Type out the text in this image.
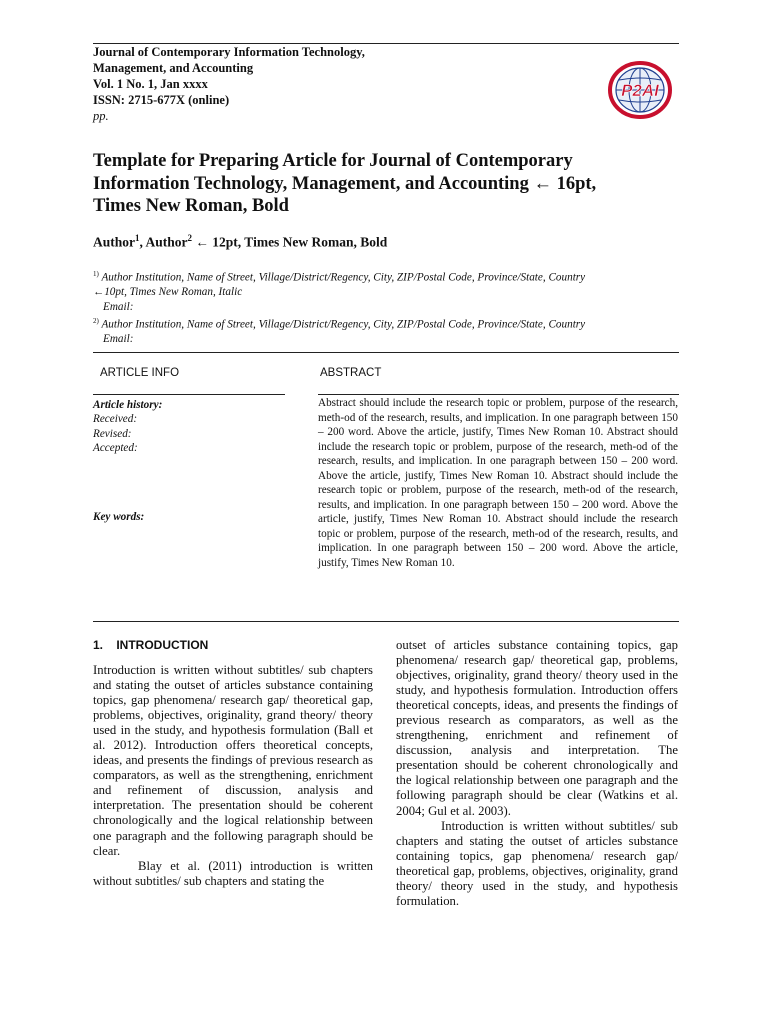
Journal of Contemporary Information Technology,
Management, and Accounting
Vol. 1 No. 1, Jan xxxx
ISSN: 2715-677X (online)
pp.
P2AI
Template for Preparing Article for Journal of Contemporary
Information Technology, Management, and Accounting ← 16pt,
Times New Roman, Bold
Author$^1$, Author$^2$ ← 12pt, Times New Roman, Bold
$^{1)}$ Author Institution, Name of Street, Village/District/Regency, City, ZIP/Postal Code, Province/State, Country
←10pt, Times New Roman, Italic
Email:
$^{2)}$ Author Institution, Name of Street, Village/District/Regency, City, ZIP/Postal Code, Province/State, Country
Email:
ARTICLE INFO	ABSTRACT
Article history:
Received:
Revised:
Accepted:
Key words:
Abstract should include the research topic or problem, purpose of the research, meth-od of the research, results, and implication. In one paragraph between 150 – 200 word. Above the article, justify, Times New Roman 10. Abstract should include the research topic or problem, purpose of the research, meth-od of the research, results, and implication. In one paragraph between 150 – 200 word. Above the article, justify, Times New Roman 10. Abstract should include the research topic or problem, purpose of the research, meth-od of the research, results, and implication. In one paragraph between 150 – 200 word. Above the article, justify, Times New Roman 10. Abstract should include the research topic or problem, purpose of the research, meth-od of the research, results, and implication. In one paragraph between 150 – 200 word. Above the article, justify, Times New Roman 10.
1.    INTRODUCTION

Introduction is written without subtitles/ sub chapters and stating the outset of articles substance containing topics, gap phenomena/ research gap/ theoretical gap, problems, objectives, originality, grand theory/ theory used in the study, and hypothesis formulation (Ball et al. 2012). Introduction offers theoretical concepts, ideas, and presents the findings of previous research as comparators, as well as the strengthening, enrichment and refinement of discussion, analysis and interpretation. The presentation should be coherent chronologically and the logical relationship between one paragraph and the following paragraph should be clear.

Blay et al. (2011) introduction is written without subtitles/ sub chapters and stating the

outset of articles substance containing topics, gap phenomena/ research gap/ theoretical gap, problems, objectives, originality, grand theory/ theory used in the study, and hypothesis formulation. Introduction offers theoretical concepts, ideas, and presents the findings of previous research as comparators, as well as the strengthening, enrichment and refinement of discussion, analysis and interpretation. The presentation should be coherent chronologically and the logical relationship between one paragraph and the following paragraph should be clear (Watkins et al. 2004; Gul et al. 2003).

Introduction is written without subtitles/ sub chapters and stating the outset of articles substance containing topics, gap phenomena/ research gap/ theoretical gap, problems, objectives, originality, grand theory/ theory used in the study, and hypothesis formulation.
